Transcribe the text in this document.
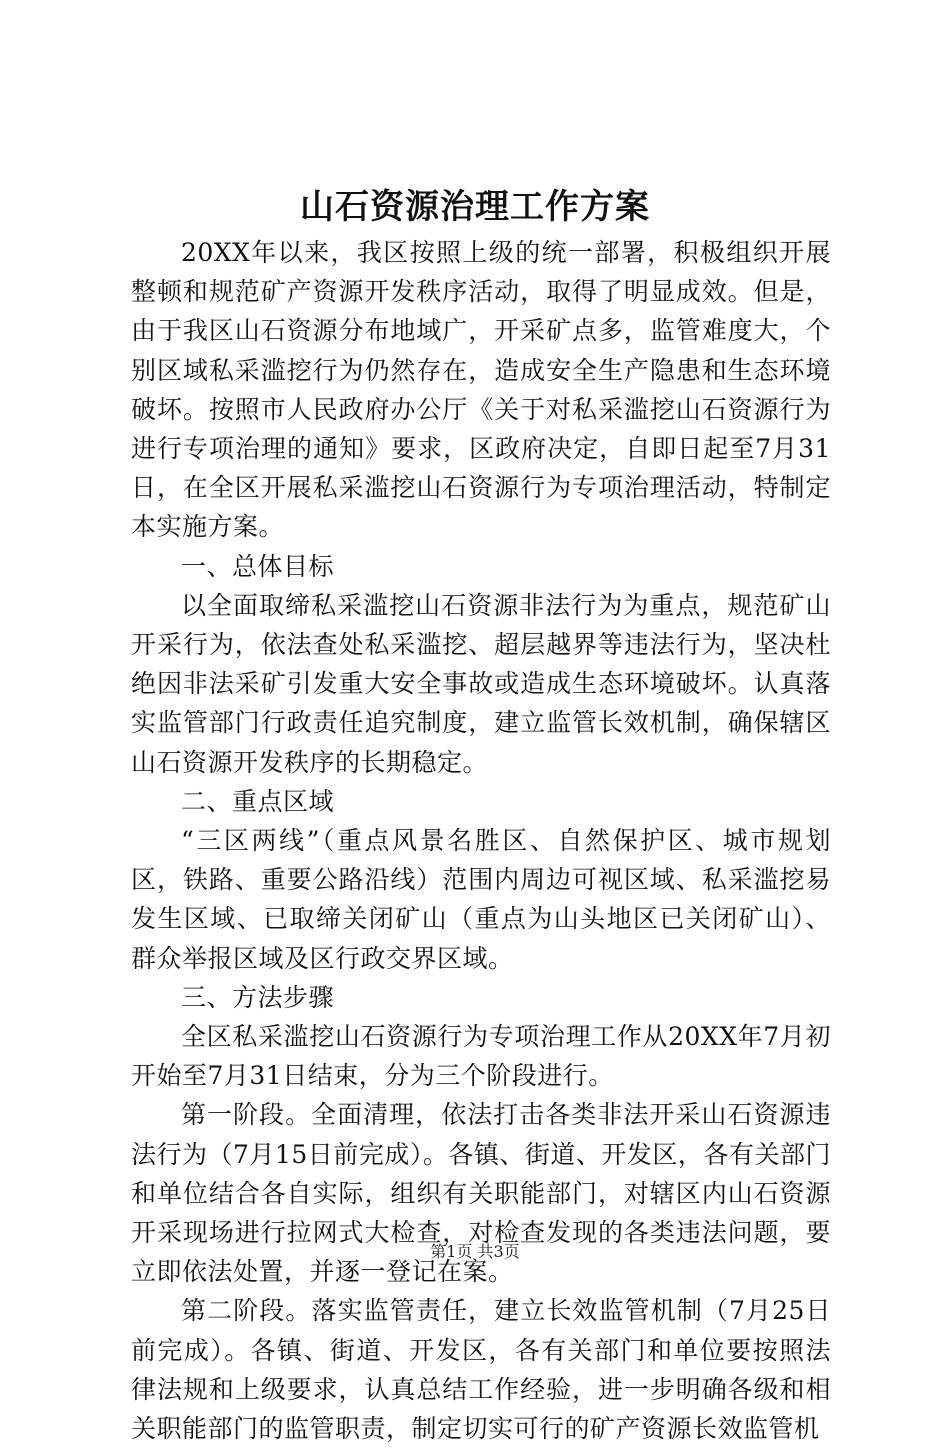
山石资源治理工作方案

20XX年以来，我区按照上级的统一部署，积极组织开展整顿和规范矿产资源开发秩序活动，取得了明显成效。但是，由于我区山石资源分布地域广，开采矿点多，监管难度大，个别区域私采滥挖行为仍然存在，造成安全生产隐患和生态环境破坏。按照市人民政府办公厅《关于对私采滥挖山石资源行为进行专项治理的通知》要求，区政府决定，自即日起至7月31日，在全区开展私采滥挖山石资源行为专项治理活动，特制定本实施方案。

一、总体目标

以全面取缔私采滥挖山石资源非法行为为重点，规范矿山开采行为，依法查处私采滥挖、超层越界等违法行为，坚决杜绝因非法采矿引发重大安全事故或造成生态环境破坏。认真落实监管部门行政责任追究制度，建立监管长效机制，确保辖区山石资源开发秩序的长期稳定。

二、重点区域

“三区两线”（重点风景名胜区、自然保护区、城市规划区，铁路、重要公路沿线）范围内周边可视区域、私采滥挖易发生区域、已取缔关闭矿山（重点为山头地区已关闭矿山）、群众举报区域及区行政交界区域。

三、方法步骤

全区私采滥挖山石资源行为专项治理工作从20XX年7月初开始至7月31日结束，分为三个阶段进行。

第一阶段。全面清理，依法打击各类非法开采山石资源违法行为（7月15日前完成）。各镇、街道、开发区，各有关部门和单位结合各自实际，组织有关职能部门，对辖区内山石资源开采现场进行拉网式大检查，对检查发现的各类违法问题，要立即依法处置，并逐一登记在案。

第二阶段。落实监管责任，建立长效监管机制（7月25日前完成）。各镇、街道、开发区，各有关部门和单位要按照法律法规和上级要求，认真总结工作经验，进一步明确各级和相关职能部门的监管职责，制定切实可行的矿产资源长效监管机

第1页 共3页
